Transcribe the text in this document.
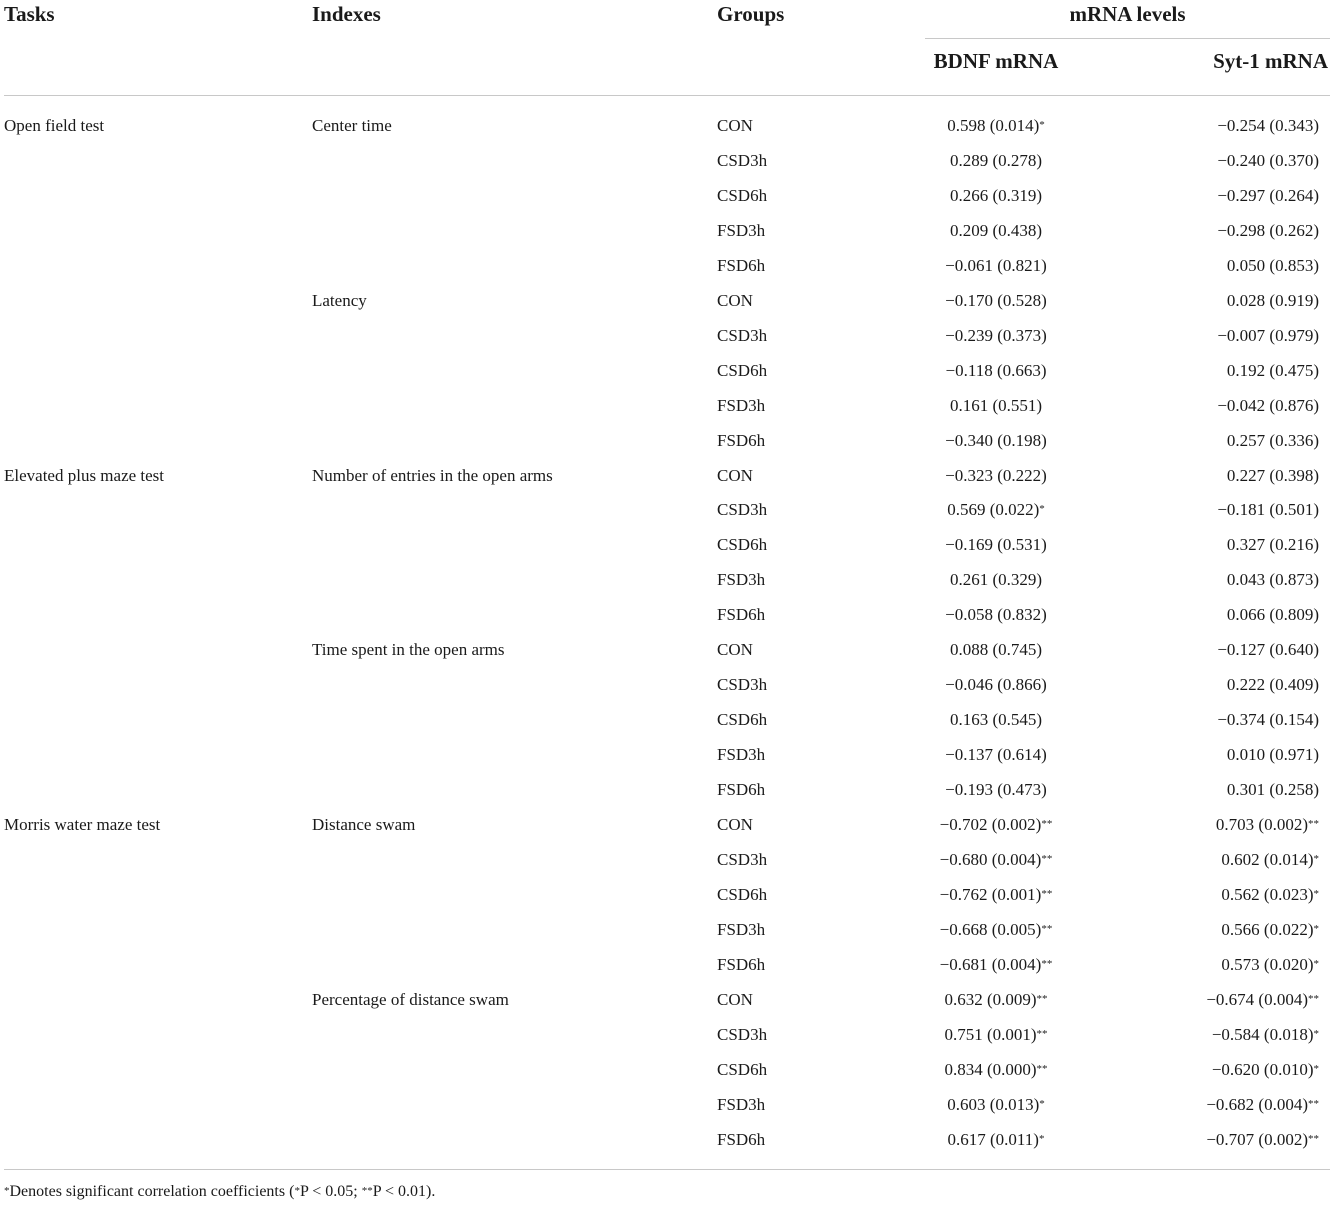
Tasks	Indexes	Groups	mRNA levels
BDNF mRNA	Syt-1 mRNA
Open field test	Center time	CON	0.598 (0.014)*	−0.254 (0.343)
CSD3h	0.289 (0.278)	−0.240 (0.370)
CSD6h	0.266 (0.319)	−0.297 (0.264)
FSD3h	0.209 (0.438)	−0.298 (0.262)
FSD6h	−0.061 (0.821)	0.050 (0.853)
Latency	CON	−0.170 (0.528)	0.028 (0.919)
CSD3h	−0.239 (0.373)	−0.007 (0.979)
CSD6h	−0.118 (0.663)	0.192 (0.475)
FSD3h	0.161 (0.551)	−0.042 (0.876)
FSD6h	−0.340 (0.198)	0.257 (0.336)
Elevated plus maze test	Number of entries in the open arms	CON	−0.323 (0.222)	0.227 (0.398)
CSD3h	0.569 (0.022)*	−0.181 (0.501)
CSD6h	−0.169 (0.531)	0.327 (0.216)
FSD3h	0.261 (0.329)	0.043 (0.873)
FSD6h	−0.058 (0.832)	0.066 (0.809)
Time spent in the open arms	CON	0.088 (0.745)	−0.127 (0.640)
CSD3h	−0.046 (0.866)	0.222 (0.409)
CSD6h	0.163 (0.545)	−0.374 (0.154)
FSD3h	−0.137 (0.614)	0.010 (0.971)
FSD6h	−0.193 (0.473)	0.301 (0.258)
Morris water maze test	Distance swam	CON	−0.702 (0.002)**	0.703 (0.002)**
CSD3h	−0.680 (0.004)**	0.602 (0.014)*
CSD6h	−0.762 (0.001)**	0.562 (0.023)*
FSD3h	−0.668 (0.005)**	0.566 (0.022)*
FSD6h	−0.681 (0.004)**	0.573 (0.020)*
Percentage of distance swam	CON	0.632 (0.009)**	−0.674 (0.004)**
CSD3h	0.751 (0.001)**	−0.584 (0.018)*
CSD6h	0.834 (0.000)**	−0.620 (0.010)*
FSD3h	0.603 (0.013)*	−0.682 (0.004)**
FSD6h	0.617 (0.011)*	−0.707 (0.002)**
*Denotes significant correlation coefficients (*P < 0.05; **P < 0.01).
